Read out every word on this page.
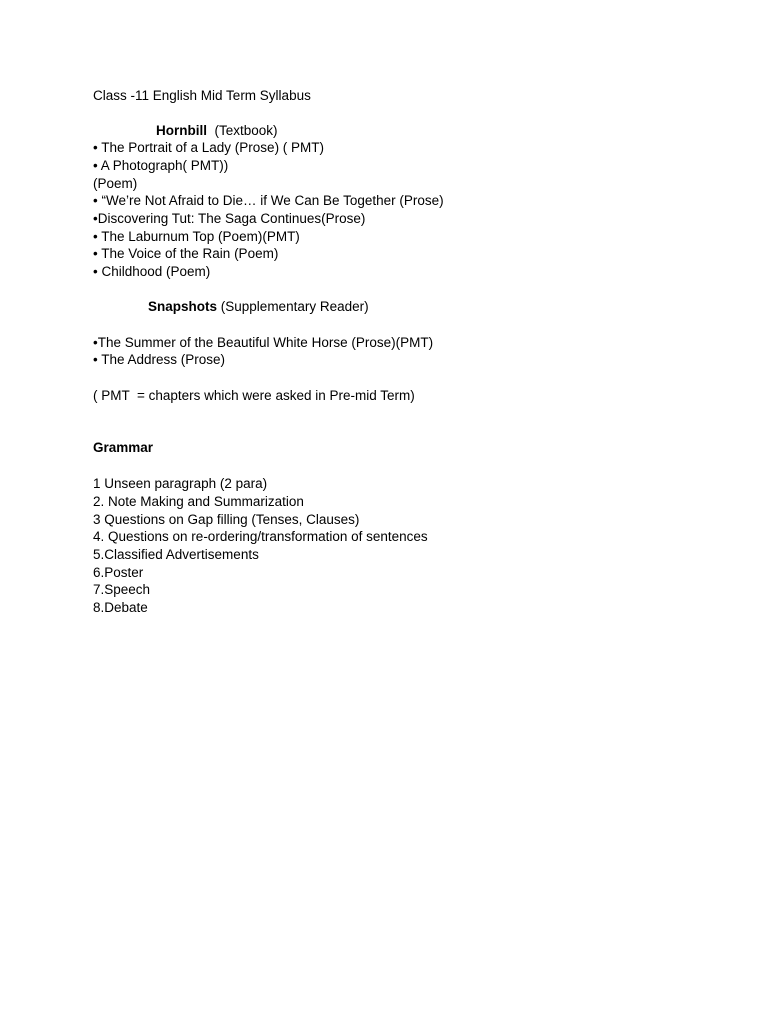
Class -11 English Mid Term Syllabus
Hornbill (Textbook)
• The Portrait of a Lady (Prose) ( PMT)
• A Photograph( PMT))
(Poem)
• “We’re Not Afraid to Die… if We Can Be Together (Prose)
•Discovering Tut: The Saga Continues(Prose)
• The Laburnum Top (Poem)(PMT)
• The Voice of the Rain (Poem)
• Childhood (Poem)
Snapshots (Supplementary Reader)
•The Summer of the Beautiful White Horse (Prose)(PMT)
• The Address (Prose)
( PMT  = chapters which were asked in Pre-mid Term)
Grammar
1 Unseen paragraph (2 para)
2. Note Making and Summarization
3 Questions on Gap filling (Tenses, Clauses)
4. Questions on re-ordering/transformation of sentences
5.Classified Advertisements
6.Poster
7.Speech
8.Debate
